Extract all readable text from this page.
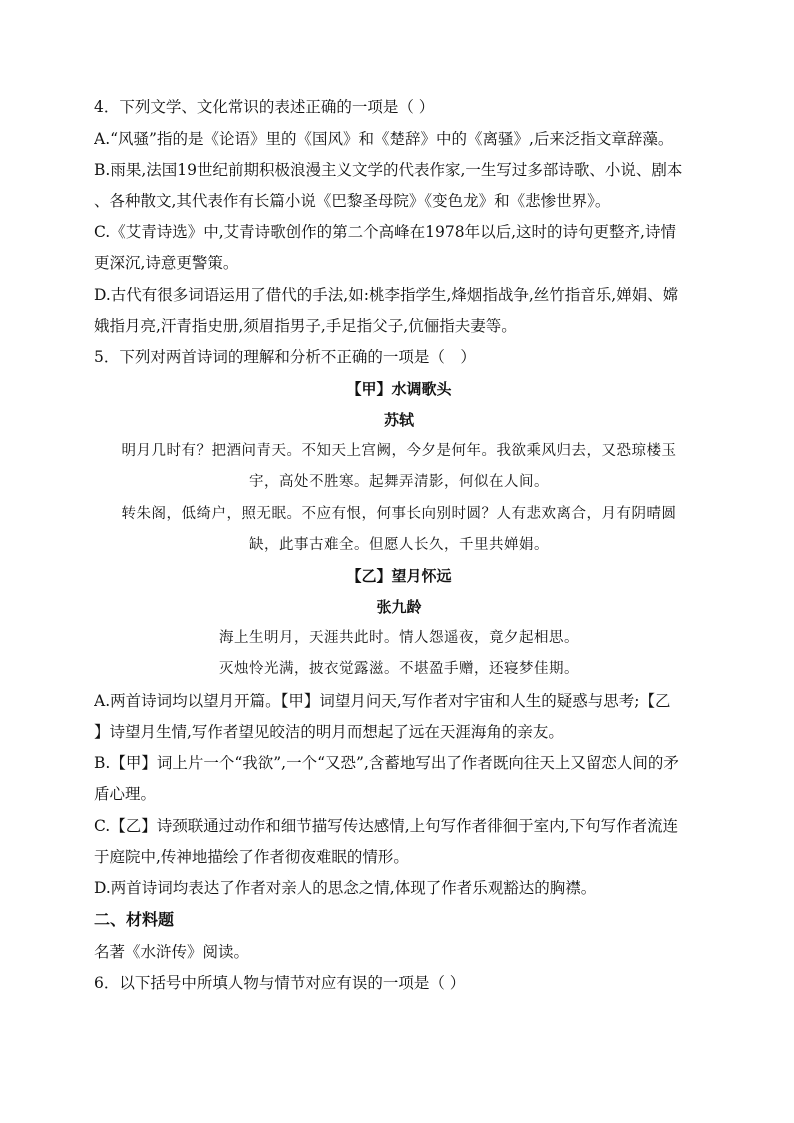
4．下列文学、文化常识的表述正确的一项是（ ）
A.“风骚”指的是《论语》里的《国风》和《楚辞》中的《离骚》,后来泛指文章辞藻。
B.雨果,法国19世纪前期积极浪漫主义文学的代表作家,一生写过多部诗歌、小说、剧本
、各种散文,其代表作有长篇小说《巴黎圣母院》《变色龙》和《悲惨世界》。
C.《艾青诗选》中,艾青诗歌创作的第二个高峰在1978年以后,这时的诗句更整齐,诗情
更深沉,诗意更警策。
D.古代有很多词语运用了借代的手法,如:桃李指学生,烽烟指战争,丝竹指音乐,婵娟、嫦
娥指月亮,汗青指史册,须眉指男子,手足指父子,伉俪指夫妻等。
5．下列对两首诗词的理解和分析不正确的一项是（　）
【甲】水调歌头
苏轼
明月几时有？把酒问青天。不知天上宫阙，今夕是何年。我欲乘风归去，又恐琼楼玉
宇，高处不胜寒。起舞弄清影，何似在人间。
转朱阁，低绮户，照无眠。不应有恨，何事长向别时圆？人有悲欢离合，月有阴晴圆
缺，此事古难全。但愿人长久，千里共婵娟。
【乙】望月怀远
张九龄
海上生明月，天涯共此时。情人怨遥夜，竟夕起相思。
灭烛怜光满，披衣觉露滋。不堪盈手赠，还寝梦佳期。
A.两首诗词均以望月开篇。【甲】词望月问天,写作者对宇宙和人生的疑惑与思考;【乙
】诗望月生情,写作者望见皎洁的明月而想起了远在天涯海角的亲友。
B.【甲】词上片一个“我欲”,一个“又恐”,含蓄地写出了作者既向往天上又留恋人间的矛
盾心理。
C.【乙】诗颈联通过动作和细节描写传达感情,上句写作者徘徊于室内,下句写作者流连
于庭院中,传神地描绘了作者彻夜难眠的情形。
D.两首诗词均表达了作者对亲人的思念之情,体现了作者乐观豁达的胸襟。
二、材料题
名著《水浒传》阅读。
6．以下括号中所填人物与情节对应有误的一项是（ ）
